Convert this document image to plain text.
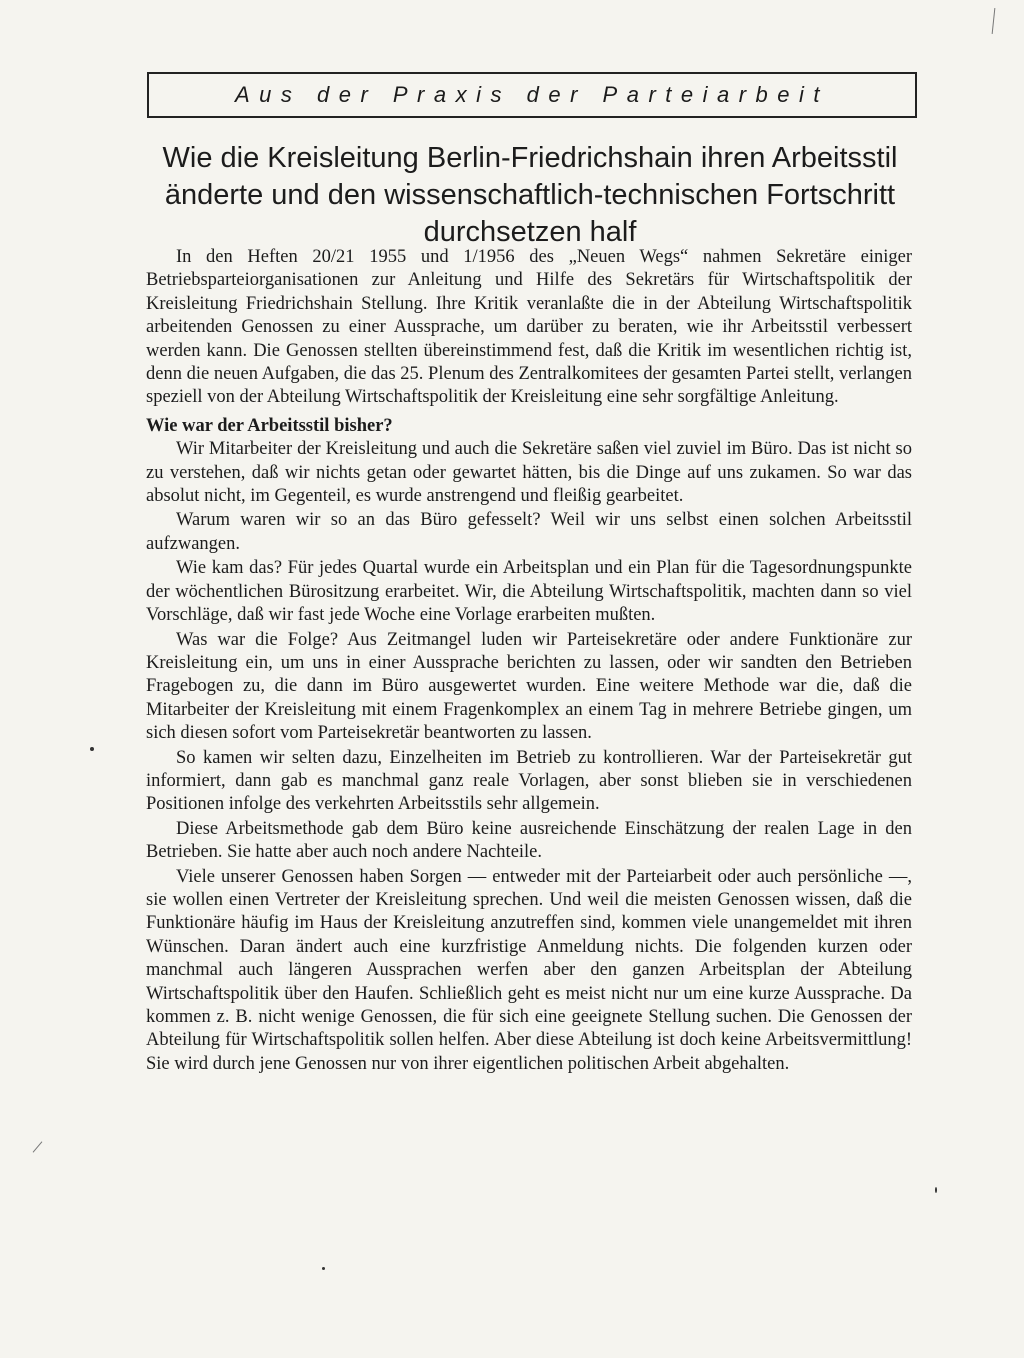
Aus der Praxis der Parteiarbeit
Wie die Kreisleitung Berlin-Friedrichshain ihren Arbeitsstil
änderte und den wissenschaftlich-technischen Fortschritt
durchsetzen half

In den Heften 20/21 1955 und 1/1956 des „Neuen Wegs“ nahmen Sekretäre einiger Betriebsparteiorganisationen zur Anleitung und Hilfe des Sekretärs für Wirtschaftspolitik der Kreisleitung Friedrichshain Stellung. Ihre Kritik veranlaßte die in der Abteilung Wirtschaftspolitik arbeitenden Genossen zu einer Aussprache, um darüber zu beraten, wie ihr Arbeitsstil verbessert werden kann. Die Genossen stellten übereinstimmend fest, daß die Kritik im wesentlichen richtig ist, denn die neuen Aufgaben, die das 25. Plenum des Zentralkomitees der gesamten Partei stellt, verlangen speziell von der Abteilung Wirtschaftspolitik der Kreisleitung eine sehr sorgfältige Anleitung.

Wie war der Arbeitsstil bisher?

Wir Mitarbeiter der Kreisleitung und auch die Sekretäre saßen viel zuviel im Büro. Das ist nicht so zu verstehen, daß wir nichts getan oder gewartet hätten, bis die Dinge auf uns zukamen. So war das absolut nicht, im Gegenteil, es wurde anstrengend und fleißig gearbeitet.

Warum waren wir so an das Büro gefesselt? Weil wir uns selbst einen solchen Arbeitsstil aufzwangen.

Wie kam das? Für jedes Quartal wurde ein Arbeitsplan und ein Plan für die Tagesordnungspunkte der wöchentlichen Bürositzung erarbeitet. Wir, die Abteilung Wirtschaftspolitik, machten dann so viel Vorschläge, daß wir fast jede Woche eine Vorlage erarbeiten mußten.

Was war die Folge? Aus Zeitmangel luden wir Parteisekretäre oder andere Funktionäre zur Kreisleitung ein, um uns in einer Aussprache berichten zu lassen, oder wir sandten den Betrieben Fragebogen zu, die dann im Büro ausgewertet wurden. Eine weitere Methode war die, daß die Mitarbeiter der Kreisleitung mit einem Fragenkomplex an einem Tag in mehrere Betriebe gingen, um sich diesen sofort vom Parteisekretär beantworten zu lassen.

So kamen wir selten dazu, Einzelheiten im Betrieb zu kontrollieren. War der Parteisekretär gut informiert, dann gab es manchmal ganz reale Vorlagen, aber sonst blieben sie in verschiedenen Positionen infolge des verkehrten Arbeitsstils sehr allgemein.

Diese Arbeitsmethode gab dem Büro keine ausreichende Einschätzung der realen Lage in den Betrieben. Sie hatte aber auch noch andere Nachteile.

Viele unserer Genossen haben Sorgen — entweder mit der Parteiarbeit oder auch persönliche —, sie wollen einen Vertreter der Kreisleitung sprechen. Und weil die meisten Genossen wissen, daß die Funktionäre häufig im Haus der Kreisleitung anzutreffen sind, kommen viele unangemeldet mit ihren Wünschen. Daran ändert auch eine kurzfristige Anmeldung nichts. Die folgenden kurzen oder manchmal auch längeren Aussprachen werfen aber den ganzen Arbeitsplan der Abteilung Wirtschaftspolitik über den Haufen. Schließlich geht es meist nicht nur um eine kurze Aussprache. Da kommen z. B. nicht wenige Genossen, die für sich eine geeignete Stellung suchen. Die Genossen der Abteilung für Wirtschaftspolitik sollen helfen. Aber diese Abteilung ist doch keine Arbeitsvermittlung! Sie wird durch jene Genossen nur von ihrer eigentlichen politischen Arbeit abgehalten.
